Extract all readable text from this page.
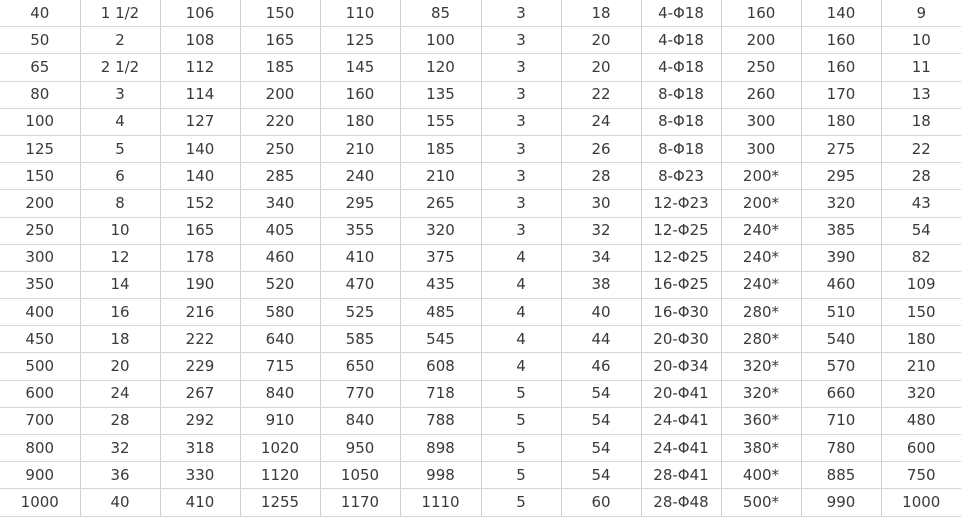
40	1 1/2	106	150	110	85	3	18	4-Φ18	160	140	9
50	2	108	165	125	100	3	20	4-Φ18	200	160	10
65	2 1/2	112	185	145	120	3	20	4-Φ18	250	160	11
80	3	114	200	160	135	3	22	8-Φ18	260	170	13
100	4	127	220	180	155	3	24	8-Φ18	300	180	18
125	5	140	250	210	185	3	26	8-Φ18	300	275	22
150	6	140	285	240	210	3	28	8-Φ23	200*	295	28
200	8	152	340	295	265	3	30	12-Φ23	200*	320	43
250	10	165	405	355	320	3	32	12-Φ25	240*	385	54
300	12	178	460	410	375	4	34	12-Φ25	240*	390	82
350	14	190	520	470	435	4	38	16-Φ25	240*	460	109
400	16	216	580	525	485	4	40	16-Φ30	280*	510	150
450	18	222	640	585	545	4	44	20-Φ30	280*	540	180
500	20	229	715	650	608	4	46	20-Φ34	320*	570	210
600	24	267	840	770	718	5	54	20-Φ41	320*	660	320
700	28	292	910	840	788	5	54	24-Φ41	360*	710	480
800	32	318	1020	950	898	5	54	24-Φ41	380*	780	600
900	36	330	1120	1050	998	5	54	28-Φ41	400*	885	750
1000	40	410	1255	1170	1110	5	60	28-Φ48	500*	990	1000
